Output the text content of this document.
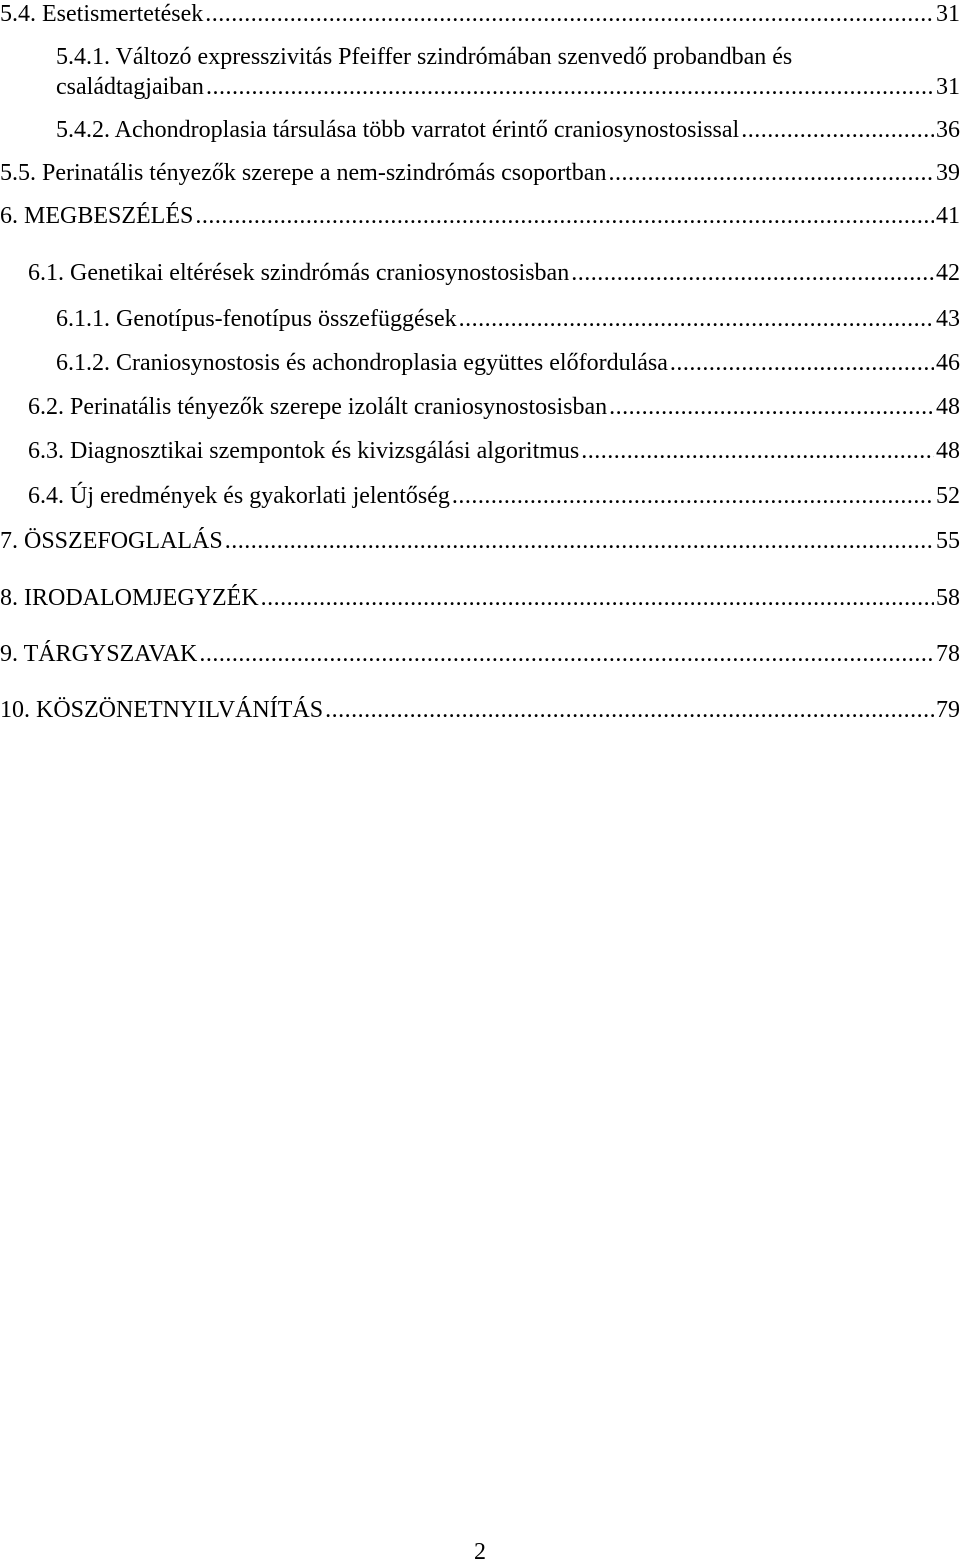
5.4. Esetismertetések .....	31
5.4.1. Változó expresszivitás Pfeiffer szindrómában szenvedő probandban és
családtagjaiban .....	31
5.4.2. Achondroplasia társulása több varratot érintő craniosynostosissal .....	36
5.5. Perinatális tényezők szerepe a nem-szindrómás csoportban .....	39
6. MEGBESZÉLÉS .....	41
6.1. Genetikai eltérések szindrómás craniosynostosisban .....	42
6.1.1. Genotípus-fenotípus összefüggések .....	43
6.1.2. Craniosynostosis és achondroplasia együttes előfordulása .....	46
6.2. Perinatális tényezők szerepe izolált craniosynostosisban .....	48
6.3. Diagnosztikai szempontok és kivizsgálási algoritmus .....	48
6.4. Új eredmények és gyakorlati jelentőség .....	52
7. ÖSSZEFOGLALÁS .....	55
8. IRODALOMJEGYZÉK .....	58
9. TÁRGYSZAVAK .....	78
10. KÖSZÖNETNYILVÁNÍTÁS .....	79
2
